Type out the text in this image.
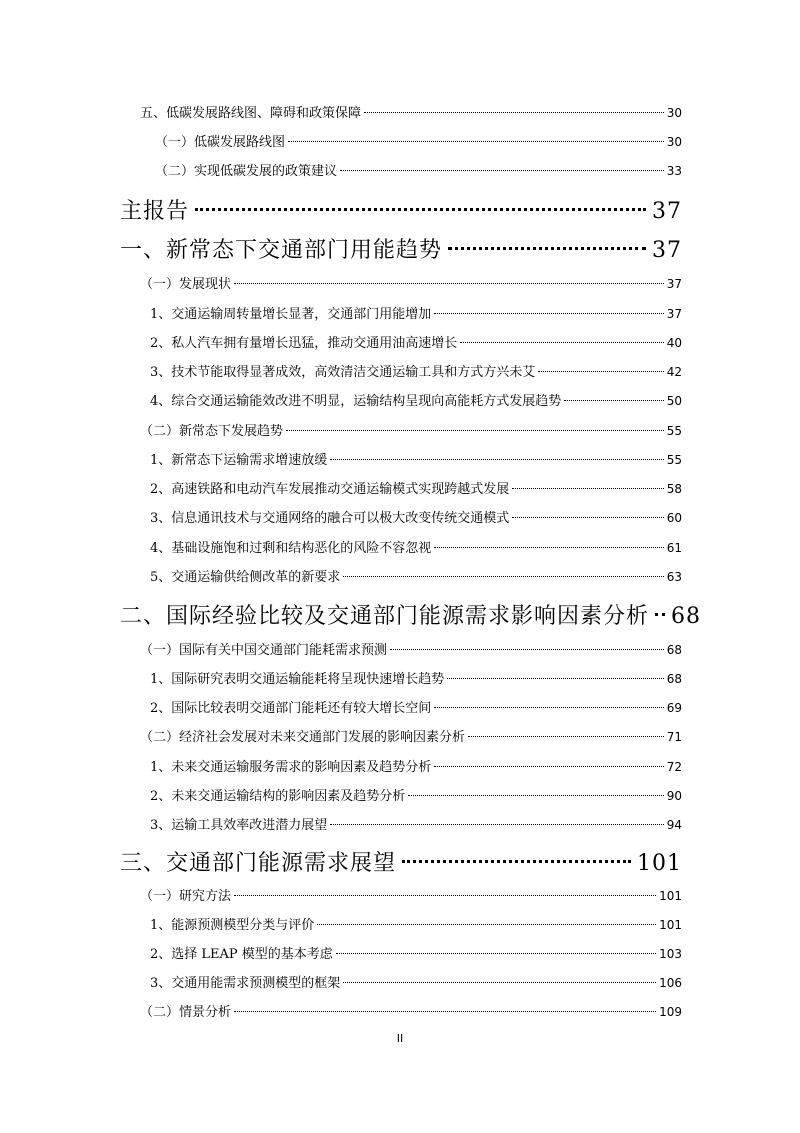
五、低碳发展路线图、障碍和政策保障	30
（一）低碳发展路线图	30
（二）实现低碳发展的政策建议	33
主报告	37
一、新常态下交通部门用能趋势	37
（一）发展现状	37
1、交通运输周转量增长显著，交通部门用能增加	37
2、私人汽车拥有量增长迅猛，推动交通用油高速增长	40
3、技术节能取得显著成效，高效清洁交通运输工具和方式方兴未艾	42
4、综合交通运输能效改进不明显，运输结构呈现向高能耗方式发展趋势	50
（二）新常态下发展趋势	55
1、新常态下运输需求增速放缓	55
2、高速铁路和电动汽车发展推动交通运输模式实现跨越式发展	58
3、信息通讯技术与交通网络的融合可以极大改变传统交通模式	60
4、基础设施饱和过剩和结构恶化的风险不容忽视	61
5、交通运输供给侧改革的新要求	63
二、国际经验比较及交通部门能源需求影响因素分析 68
（一）国际有关中国交通部门能耗需求预测	68
1、国际研究表明交通运输能耗将呈现快速增长趋势	68
2、国际比较表明交通部门能耗还有较大增长空间	69
（二）经济社会发展对未来交通部门发展的影响因素分析	71
1、未来交通运输服务需求的影响因素及趋势分析	72
2、未来交通运输结构的影响因素及趋势分析	90
3、运输工具效率改进潜力展望	94
三、交通部门能源需求展望	101
（一）研究方法	101
1、能源预测模型分类与评价	101
2、选择 LEAP 模型的基本考虑	103
3、交通用能需求预测模型的框架	106
（二）情景分析	109
II
